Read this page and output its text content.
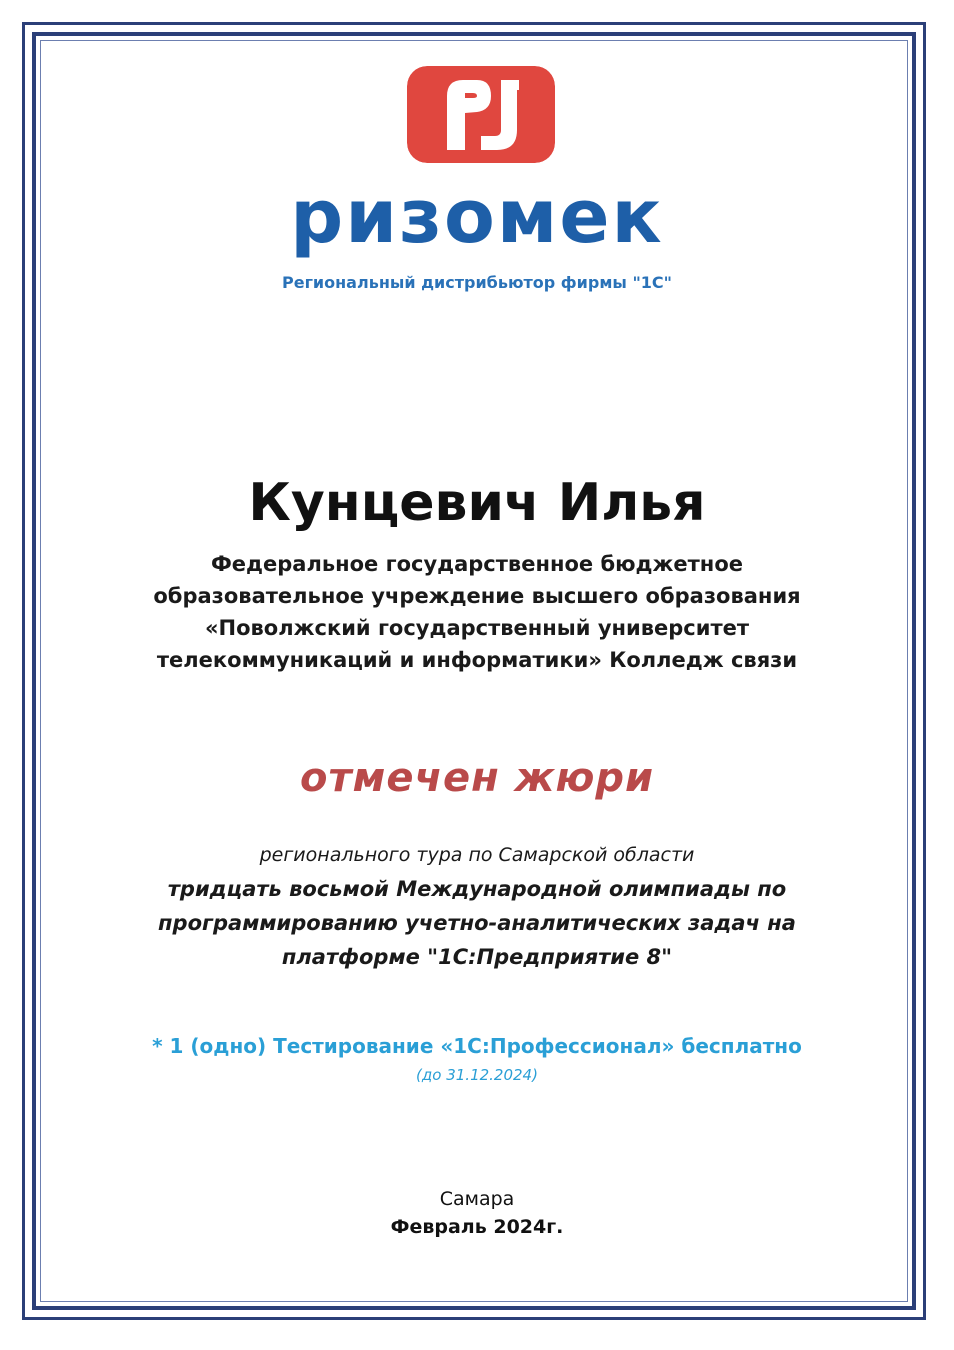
ризомек
Региональный дистрибьютор фирмы "1С"
Кунцевич Илья
Федеральное государственное бюджетное
образовательное учреждение высшего образования
«Поволжский государственный университет
телекоммуникаций и информатики» Колледж связи
отмечен жюри
регионального тура по Самарской области
тридцать восьмой Международной олимпиады по
программированию учетно-аналитических задач на
платформе "1С:Предприятие 8"
* 1 (одно) Тестирование «1С:Профессионал» бесплатно
(до 31.12.2024)
Самара
Февраль 2024г.
